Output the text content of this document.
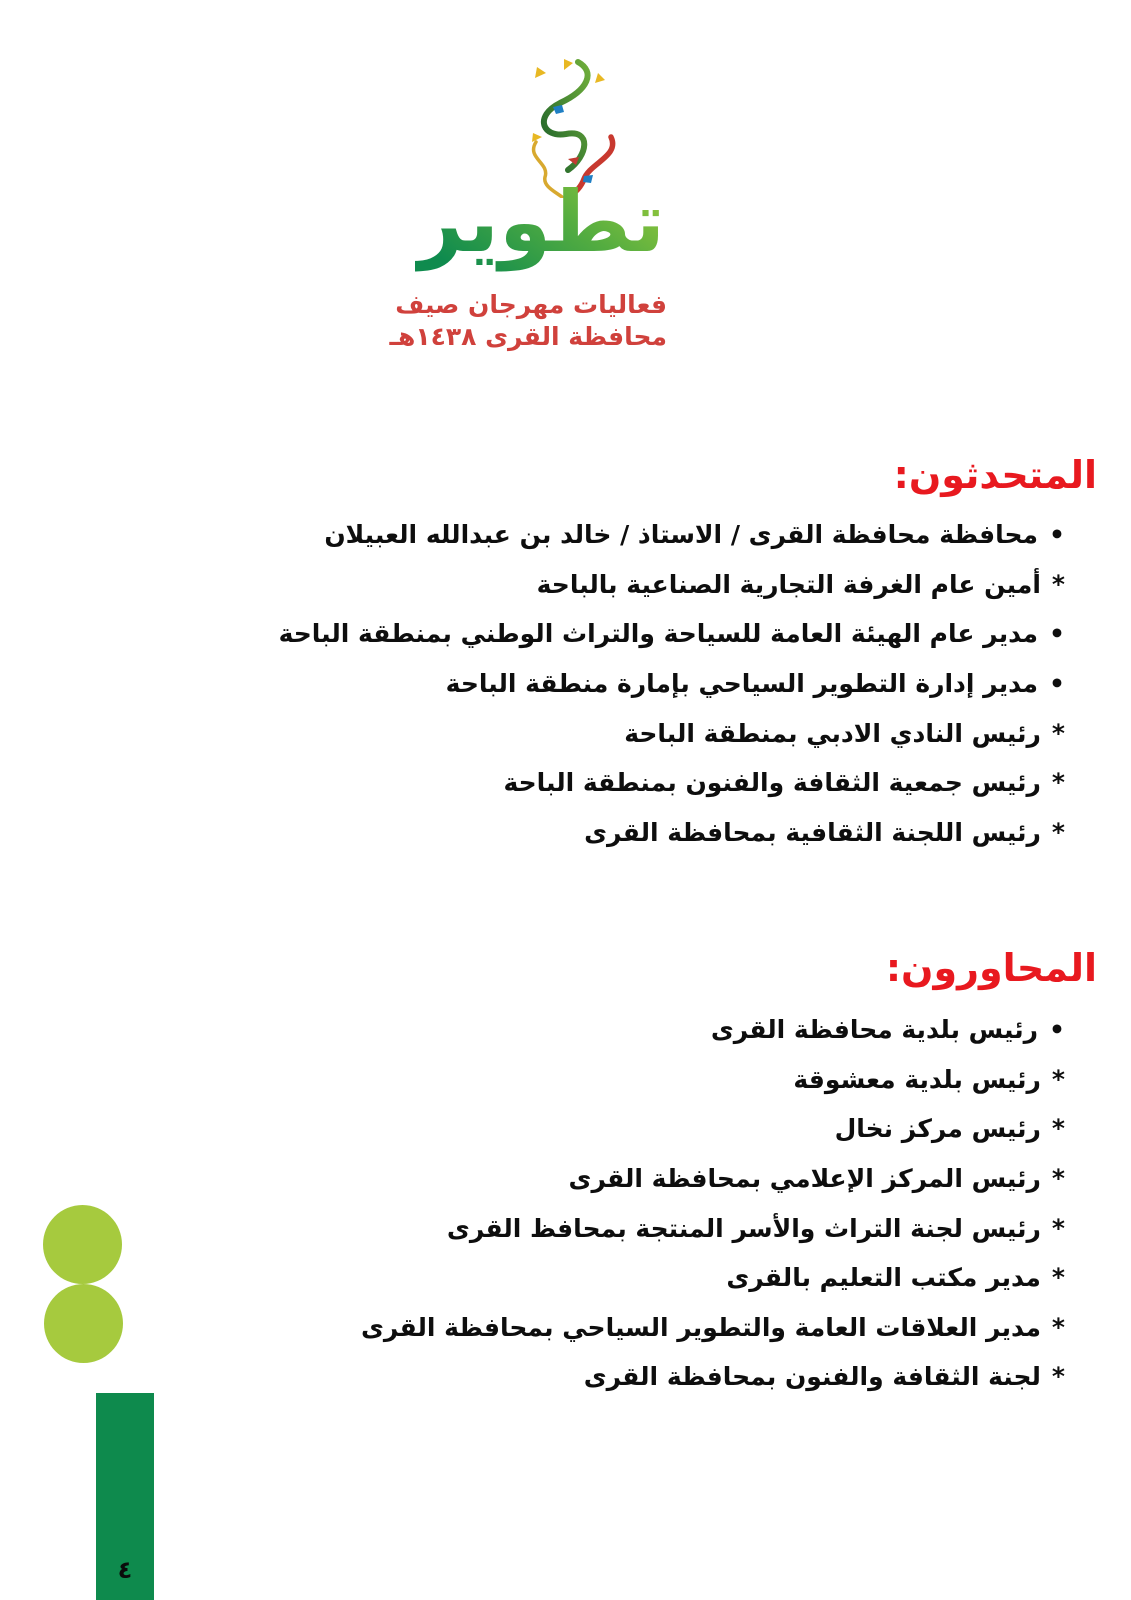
تطوير
فعاليات مهرجان صيف
محافظة القرى ١٤٣٨هـ
المتحدثون:
•
محافظة محافظة القرى / الاستاذ / خالد بن عبدالله العبيلان
*
أمين عام الغرفة التجارية الصناعية بالباحة
•
مدير عام الهيئة العامة للسياحة والتراث الوطني بمنطقة الباحة
•
مدير إدارة التطوير السياحي بإمارة منطقة الباحة
*
رئيس النادي الادبي بمنطقة الباحة
*
رئيس جمعية الثقافة والفنون بمنطقة الباحة
*
رئيس اللجنة الثقافية بمحافظة القرى
المحاورون:
•
رئيس بلدية محافظة القرى
*
رئيس بلدية معشوقة
*
رئيس مركز نخال
*
رئيس المركز الإعلامي بمحافظة القرى
*
رئيس لجنة التراث والأسر المنتجة بمحافظ القرى
*
مدير مكتب التعليم بالقرى
*
مدير العلاقات العامة والتطوير السياحي بمحافظة القرى
*
لجنة الثقافة والفنون بمحافظة القرى
٤
